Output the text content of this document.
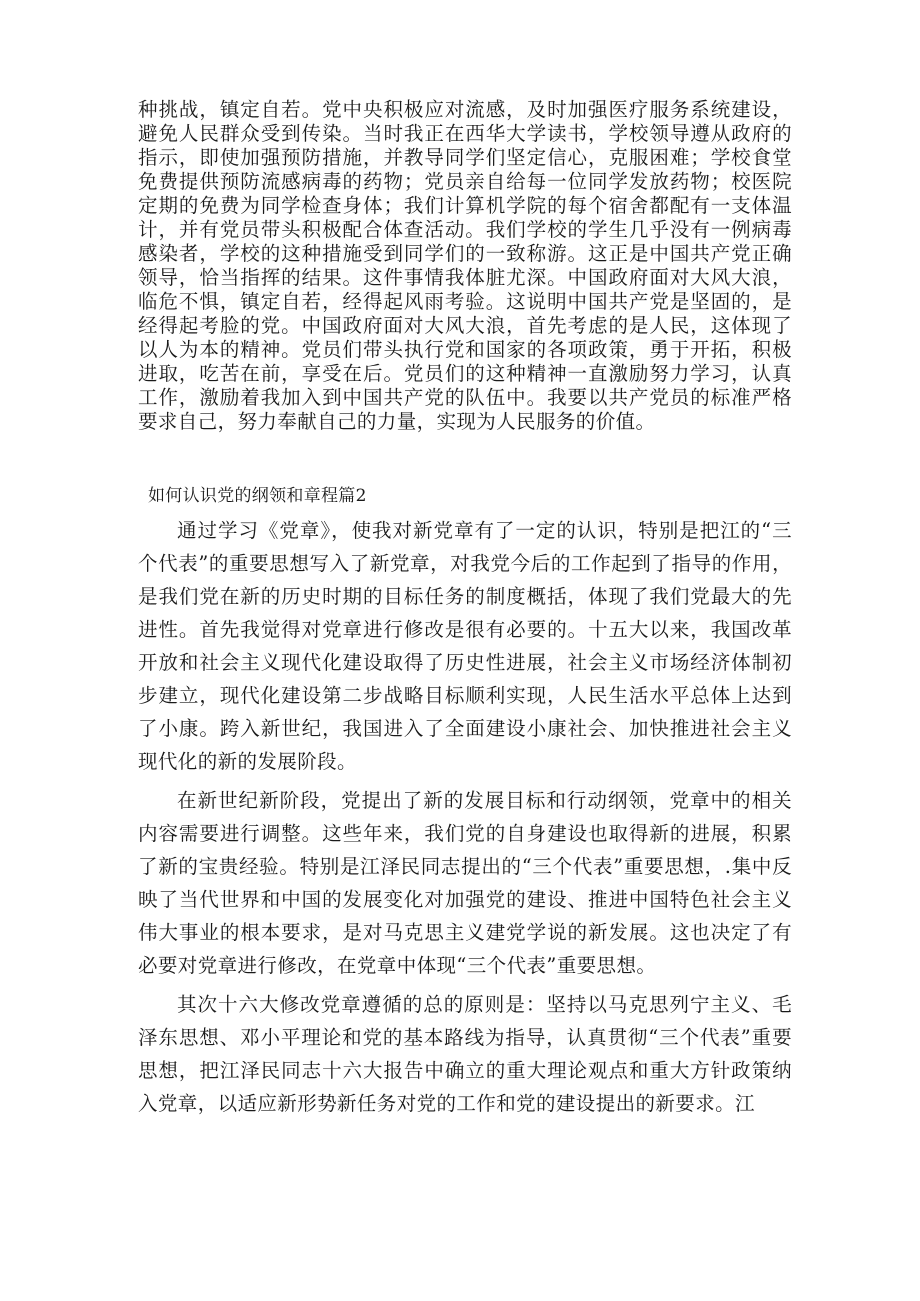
种挑战，镇定自若。党中央积极应对流感，及时加强医疗服务系统建设，避免人民群众受到传染。当时我正在西华大学读书，学校领导遵从政府的指示，即使加强预防措施，并教导同学们坚定信心，克服困难；学校食堂免费提供预防流感病毒的药物；党员亲自给每一位同学发放药物；校医院定期的免费为同学检查身体；我们计算机学院的每个宿舍都配有一支体温计，并有党员带头积极配合体查活动。我们学校的学生几乎没有一例病毒感染者，学校的这种措施受到同学们的一致称游。这正是中国共产党正确领导，恰当指挥的结果。这件事情我体脏尤深。中国政府面对大风大浪，临危不惧，镇定自若，经得起风雨考验。这说明中国共产党是坚固的，是经得起考脸的党。中国政府面对大风大浪，首先考虑的是人民，这体现了以人为本的精神。党员们带头执行党和国家的各项政策，勇于开拓，积极进取，吃苦在前，享受在后。党员们的这种精神一直激励努力学习，认真工作，激励着我加入到中国共产党的队伍中。我要以共产党员的标准严格要求自己，努力奉献自己的力量，实现为人民服务的价值。

如何认识党的纲领和章程篇2

通过学习《党章》，使我对新党章有了一定的认识，特别是把江的“三个代表”的重要思想写入了新党章，对我党今后的工作起到了指导的作用，是我们党在新的历史时期的目标任务的制度概括，体现了我们党最大的先进性。首先我觉得对党章进行修改是很有必要的。十五大以来，我国改革开放和社会主义现代化建设取得了历史性进展，社会主义市场经济体制初步建立，现代化建设第二步战略目标顺利实现，人民生活水平总体上达到了小康。跨入新世纪，我国进入了全面建设小康社会、加快推进社会主义现代化的新的发展阶段。

在新世纪新阶段，党提出了新的发展目标和行动纲领，党章中的相关内容需要进行调整。这些年来，我们党的自身建设也取得新的进展，积累了新的宝贵经验。特别是江泽民同志提出的“三个代表”重要思想，.集中反映了当代世界和中国的发展变化对加强党的建设、推进中国特色社会主义伟大事业的根本要求，是对马克思主义建党学说的新发展。这也决定了有必要对党章进行修改，在党章中体现“三个代表”重要思想。

其次十六大修改党章遵循的总的原则是：坚持以马克思列宁主义、毛泽东思想、邓小平理论和党的基本路线为指导，认真贯彻“三个代表”重要思想，把江泽民同志十六大报告中确立的重大理论观点和重大方针政策纳入党章，以适应新形势新任务对党的工作和党的建设提出的新要求。江
